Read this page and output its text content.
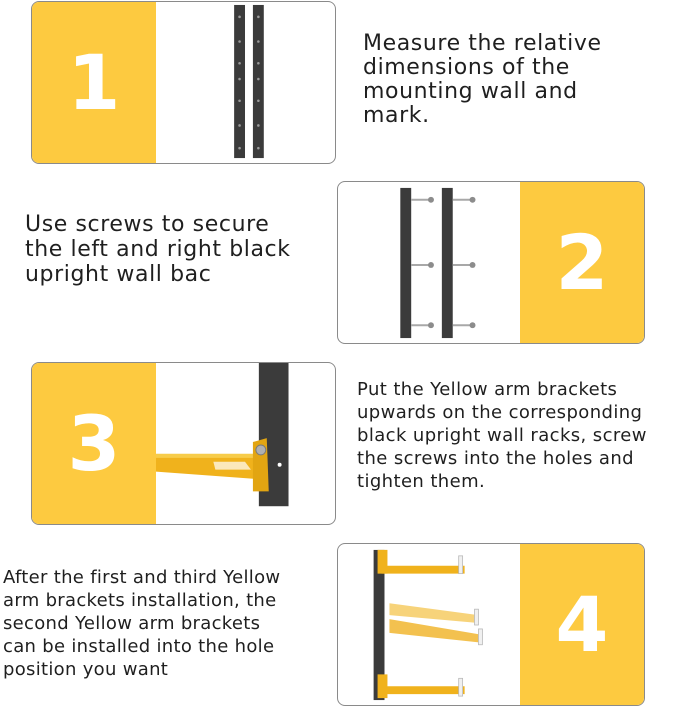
1	Measure the relative
dimensions of the
mounting wall and
mark.

Use screws to secure
the left and right black
upright wall bac	2
3

Put the Yellow arm brackets
upwards on the corresponding
black upright wall racks, screw
the screws into the holes and
tighten them.

After the first and third Yellow
arm brackets installation, the
second Yellow arm brackets
can be installed into the hole
position you want

4
